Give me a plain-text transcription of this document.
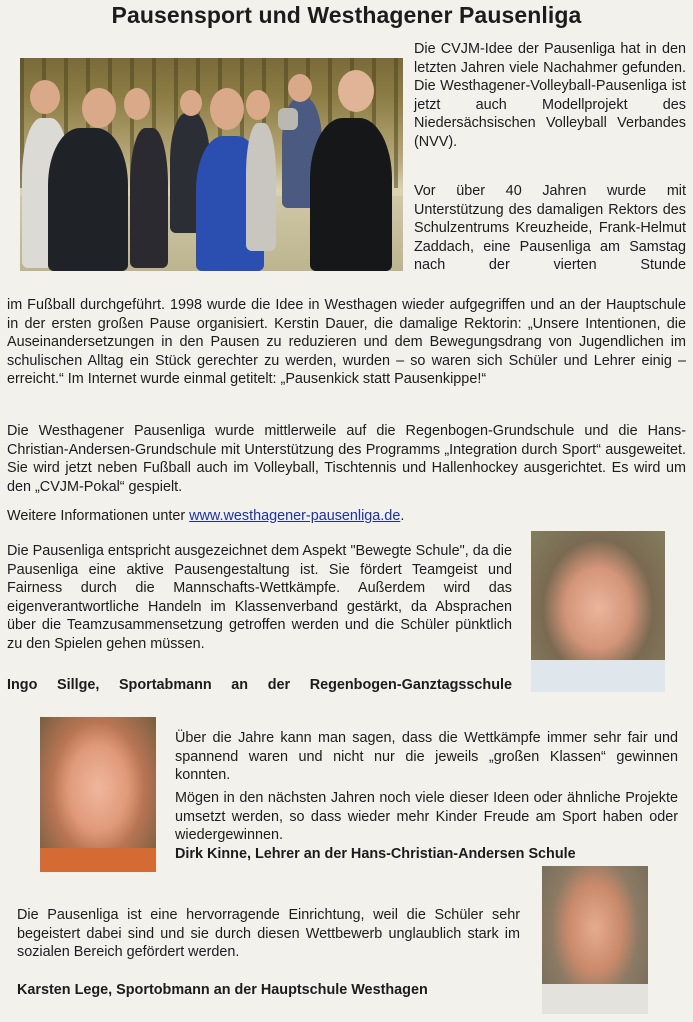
Pausensport und Westhagener Pausenliga

Die CVJM-Idee der Pausenliga hat in den letzten Jahren viele Nachahmer gefunden. Die Westhagener-Volleyball-Pausenliga ist jetzt auch Modellprojekt des Niedersächsischen Volleyball Verbandes (NVV).

Vor über 40 Jahren wurde mit Unterstützung des damaligen Rektors des Schulzentrums Kreuzheide, Frank-Helmut Zaddach, eine Pausenliga am Samstag nach der vierten Stunde

im Fußball durchgeführt. 1998 wurde die Idee in Westhagen wieder aufgegriffen und an der Hauptschule in der ersten großen Pause organisiert. Kerstin Dauer, die damalige Rektorin: „Unsere Intentionen, die Auseinandersetzungen in den Pausen zu reduzieren und dem Bewegungsdrang von Jugendlichen im schulischen Alltag ein Stück gerechter zu werden, wurden – so waren sich Schüler und Lehrer einig – erreicht.“ Im Internet wurde einmal getitelt: „Pausenkick statt Pausenkippe!“

Die Westhagener Pausenliga wurde mittlerweile auf die Regenbogen-Grundschule und die Hans-Christian-Andersen-Grundschule mit Unterstützung des Programms „Integration durch Sport“ ausgeweitet. Sie wird jetzt neben Fußball auch im Volleyball, Tischtennis und Hallenhockey ausgerichtet. Es wird um den „CVJM-Pokal“ gespielt.

Weitere Informationen unter www.westhagener-pausenliga.de.

Die Pausenliga entspricht ausgezeichnet dem Aspekt "Bewegte Schule", da die Pausenliga eine aktive Pausengestaltung ist. Sie fördert Teamgeist und Fairness durch die Mannschafts-Wettkämpfe. Außerdem wird das eigenverantwortliche Handeln im Klassenverband gestärkt, da Absprachen über die Teamzusammensetzung getroffen werden und die Schüler pünktlich zu den Spielen gehen müssen.

Ingo Sillge, Sportabmann an der Regenbogen-Ganztagsschule

Über die Jahre kann man sagen, dass die Wettkämpfe immer sehr fair und spannend waren und nicht nur die jeweils „großen Klassen“ gewinnen konnten.

Mögen in den nächsten Jahren noch viele dieser Ideen oder ähnliche Projekte umsetzt werden, so dass wieder mehr Kinder Freude am Sport haben oder wiedergewinnen.

Dirk Kinne, Lehrer an der Hans-Christian-Andersen Schule

Die Pausenliga ist eine hervorragende Einrichtung, weil die Schüler sehr begeistert dabei sind und sie durch diesen Wettbewerb unglaublich stark im sozialen Bereich gefördert werden.

Karsten Lege, Sportobmann an der Hauptschule Westhagen
